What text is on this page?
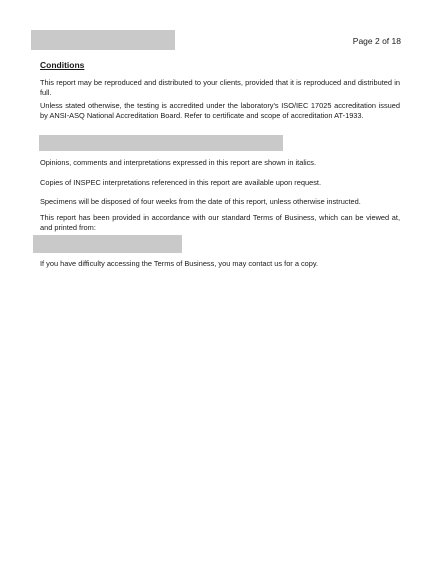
Page 2 of 18
Conditions

This report may be reproduced and distributed to your clients, provided that it is reproduced and distributed in full.

Unless stated otherwise, the testing is accredited under the laboratory's ISO/IEC 17025 accreditation issued by ANSI-ASQ National Accreditation Board. Refer to certificate and scope of accreditation AT-1933.

Opinions, comments and interpretations expressed in this report are shown in italics.

Copies of INSPEC interpretations referenced in this report are available upon request.

Specimens will be disposed of four weeks from the date of this report, unless otherwise instructed.

This report has been provided in accordance with our standard Terms of Business, which can be viewed at, and printed from:

If you have difficulty accessing the Terms of Business, you may contact us for a copy.
